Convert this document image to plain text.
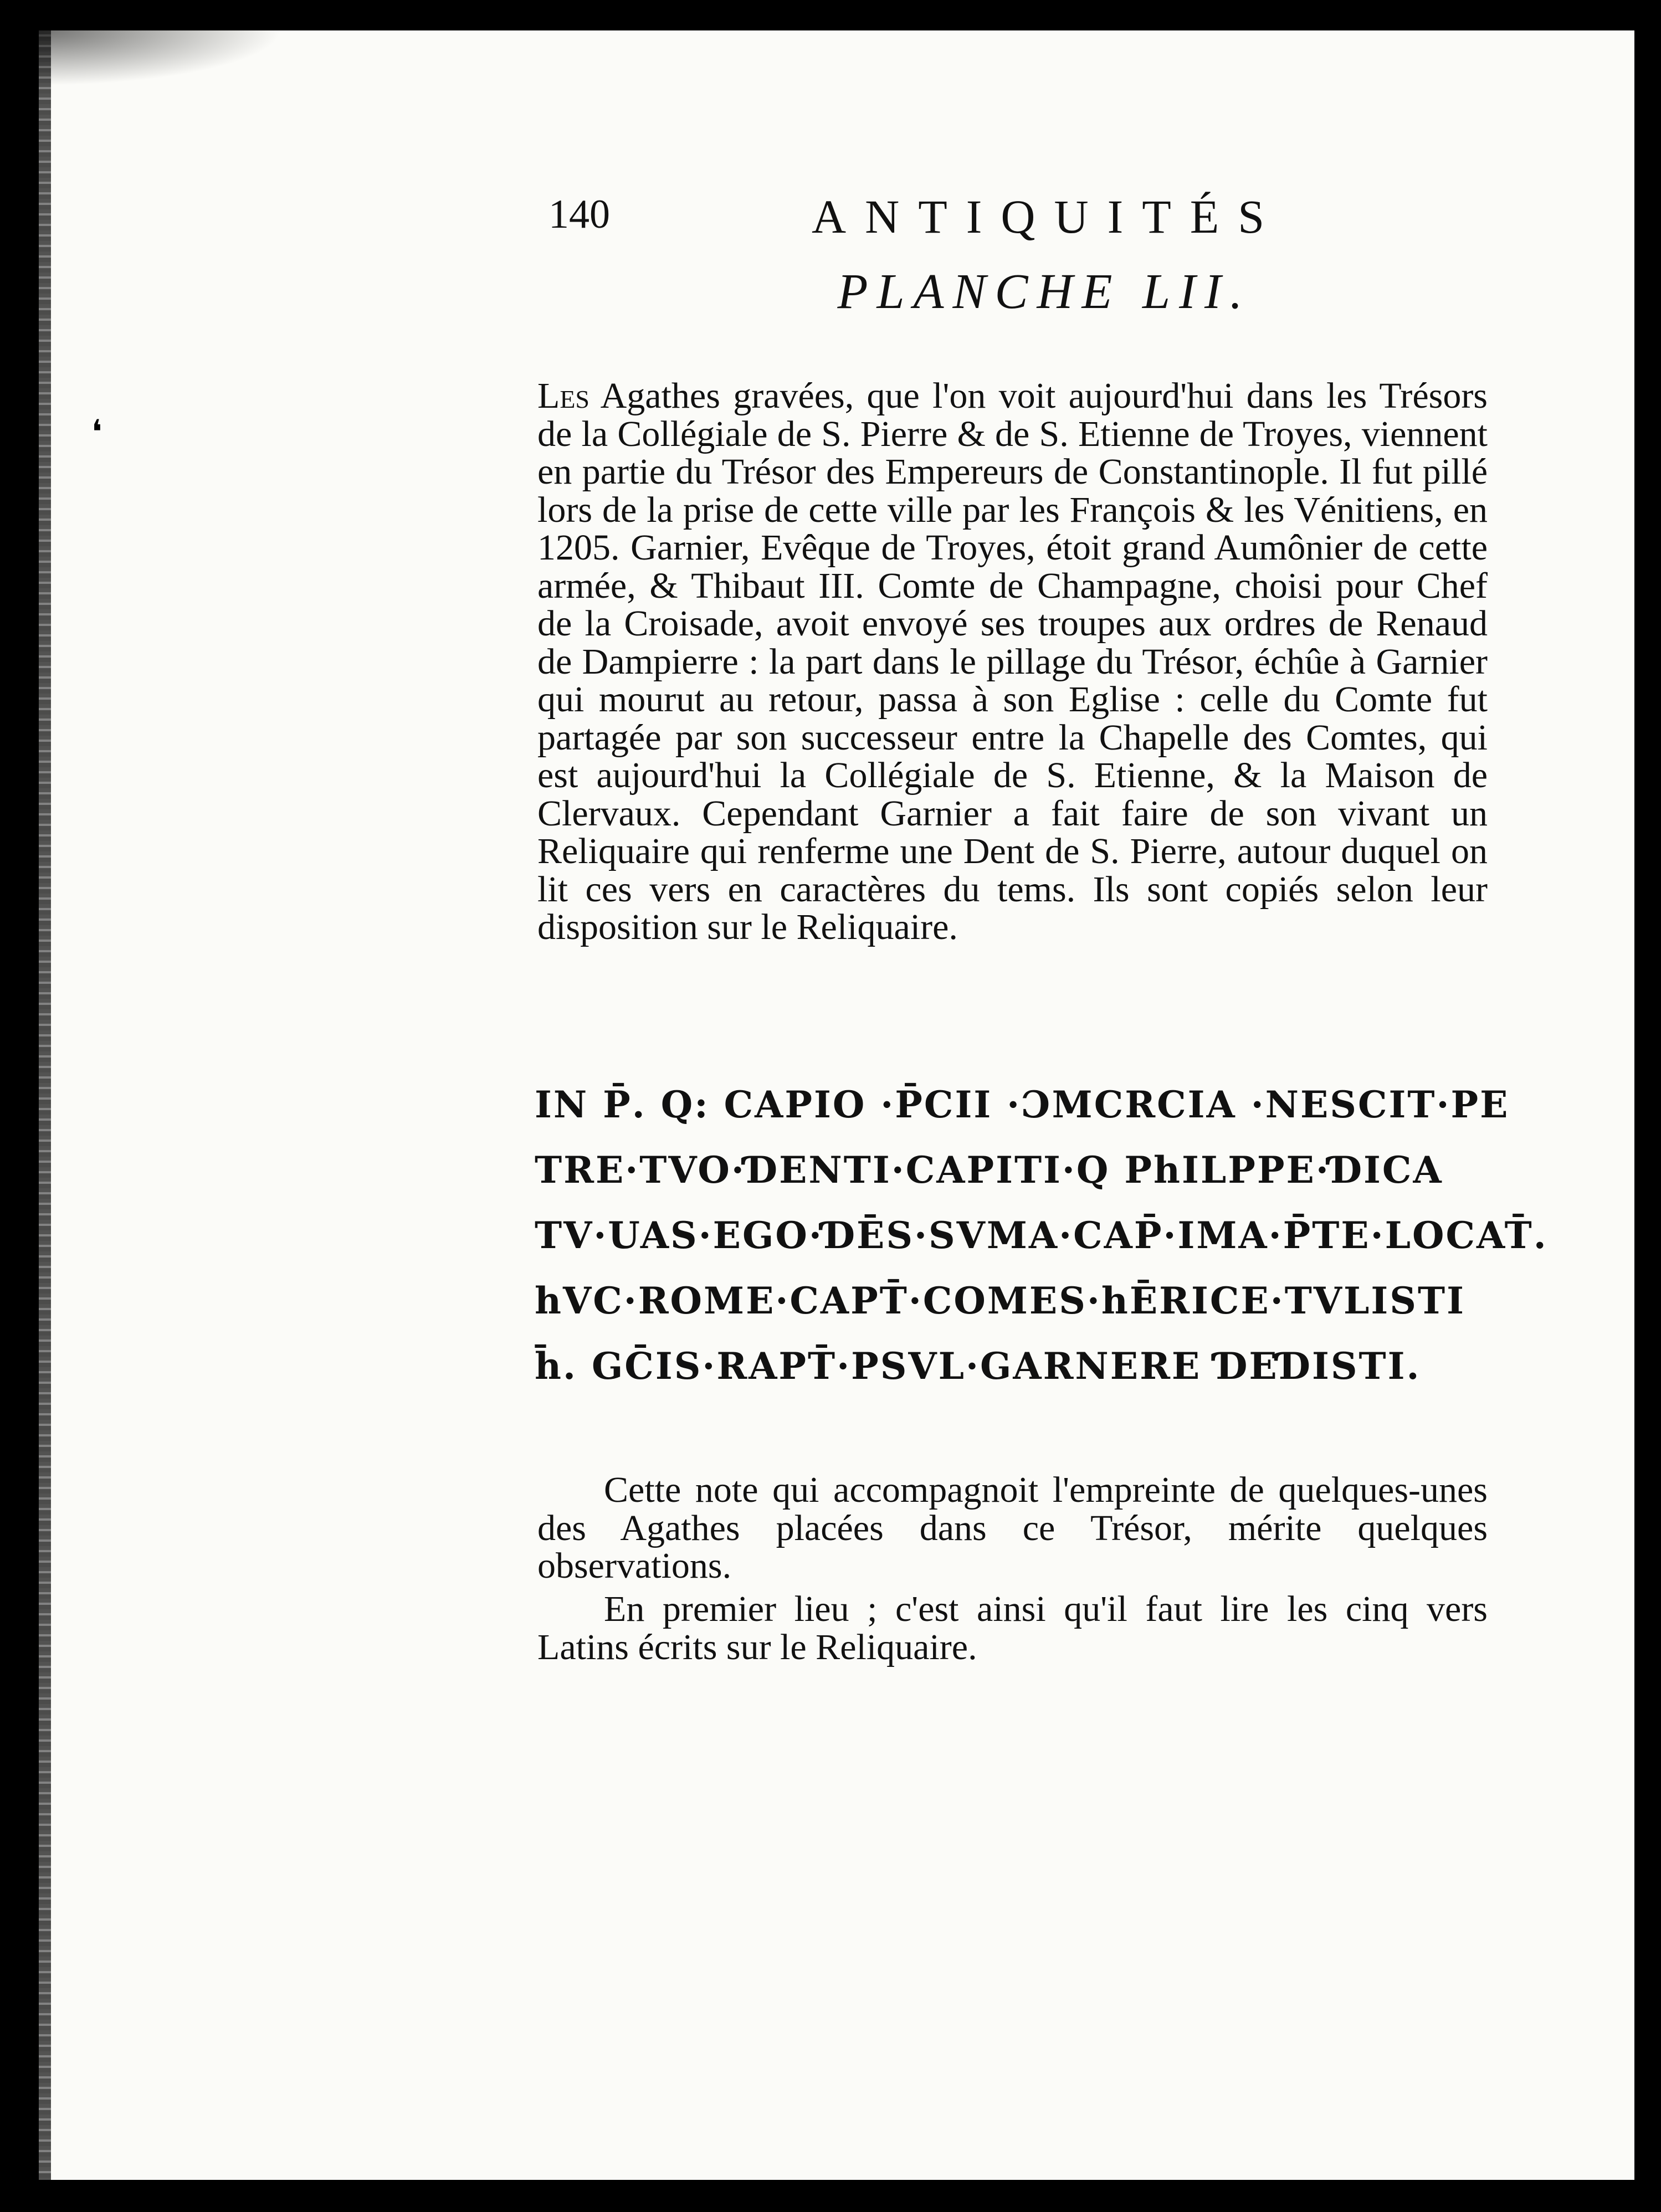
❛
140	ANTIQUITÉS
PLANCHE LII.

Les Agathes gravées, que l'on voit aujourd'hui dans les Trésors de la Collégiale de S. Pierre & de S. Etienne de Troyes, viennent en partie du Trésor des Empereurs de Constantinople. Il fut pillé lors de la prise de cette ville par les François & les Vénitiens, en 1205. Garnier, Evêque de Troyes, étoit grand Aumônier de cette armée, & Thibaut III. Comte de Champagne, choisi pour Chef de la Croisade, avoit envoyé ses troupes aux ordres de Renaud de Dampierre : la part dans le pillage du Trésor, échûe à Garnier qui mourut au retour, passa à son Eglise : celle du Comte fut partagée par son successeur entre la Chapelle des Comtes, qui est aujourd'hui la Collégiale de S. Etienne, & la Maison de Clervaux. Cependant Garnier a fait faire de son vivant un Reliquaire qui renferme une Dent de S. Pierre, autour duquel on lit ces vers en caractères du tems. Ils sont copiés selon leur disposition sur le Reliquaire.

IN P̄. Q: CAPIO ·P̄CII ·ƆMCRCIA ·NESCIT·PE
TRE·TVO·ƊENTI·CAPITI·Q PhILPPE·ƊICA
TV·UAS·EGO·ƊĒS·SVMA·CAP̄·IMA·P̄TE·LOCAT̄.
hVC·ROME·CAPT̄·COMES·hĒRICE·TVLISTI
h̄. GC̄IS·RAPT̄·PSVL·GARNERE ƊEƊISTI.

Cette note qui accompagnoit l'empreinte de quelques-unes des Agathes placées dans ce Trésor, mérite quelques observations.

En premier lieu ; c'est ainsi qu'il faut lire les cinq vers Latins écrits sur le Reliquaire.
